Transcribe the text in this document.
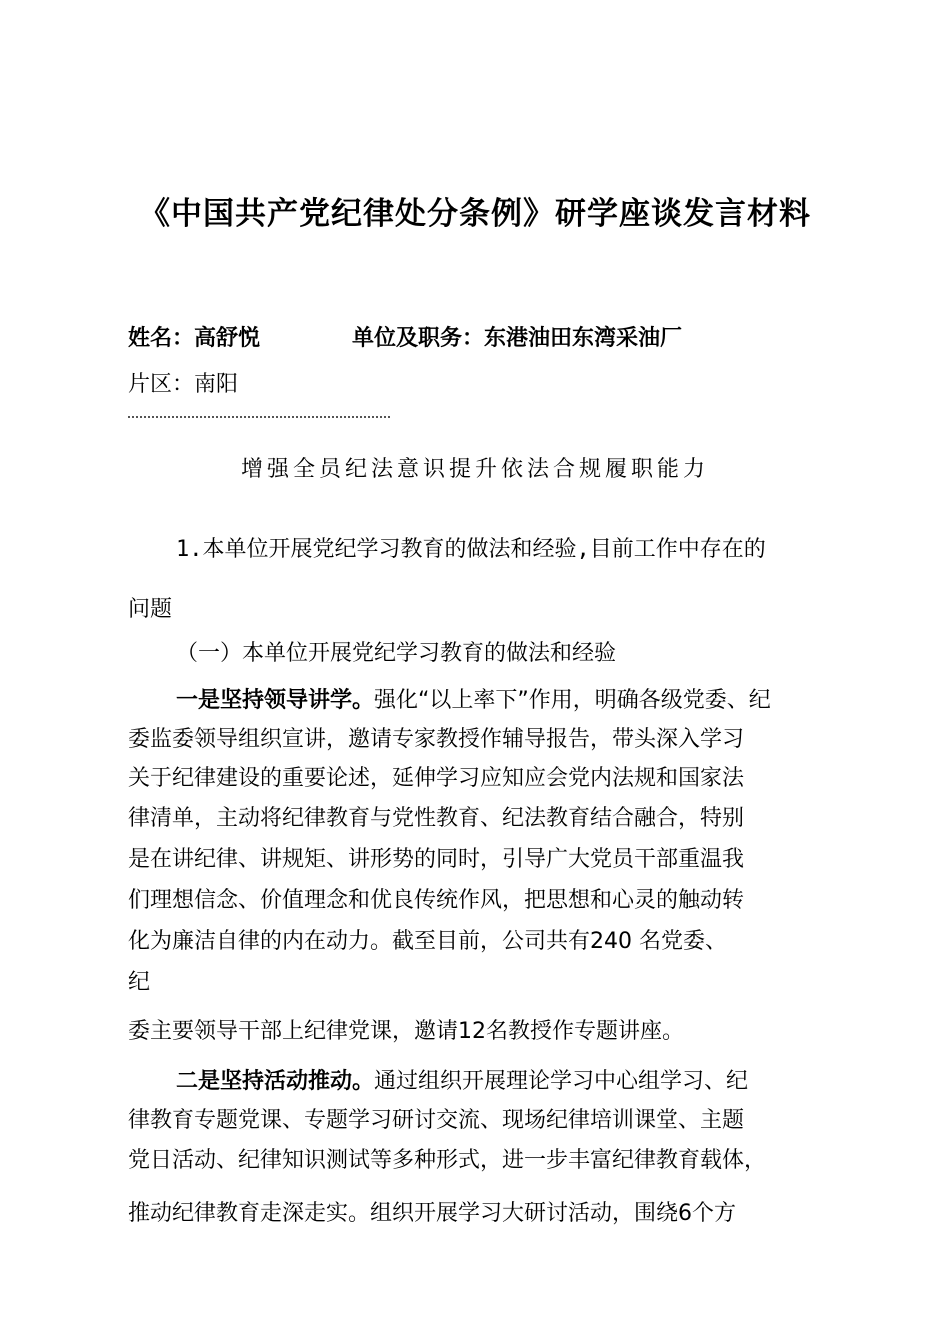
《中国共产党纪律处分条例》研学座谈发言材料
姓名：高舒悦	单位及职务：东港油田东湾采油厂
片区：南阳
增强全员纪法意识提升依法合规履职能力
1.本单位开展党纪学习教育的做法和经验,目前工作中存在的
问题
（一）本单位开展党纪学习教育的做法和经验
一是坚持领导讲学。强化“以上率下”作用，明确各级党委、纪
委监委领导组织宣讲，邀请专家教授作辅导报告，带头深入学习
关于纪律建设的重要论述，延伸学习应知应会党内法规和国家法
律清单，主动将纪律教育与党性教育、纪法教育结合融合，特别
是在讲纪律、讲规矩、讲形势的同时，引导广大党员干部重温我
们理想信念、价值理念和优良传统作风，把思想和心灵的触动转
化为廉洁自律的内在动力。截至目前，公司共有240 名党委、
纪
委主要领导干部上纪律党课，邀请12名教授作专题讲座。
二是坚持活动推动。通过组织开展理论学习中心组学习、纪
律教育专题党课、专题学习研讨交流、现场纪律培训课堂、主题
党日活动、纪律知识测试等多种形式，进一步丰富纪律教育载体，
推动纪律教育走深走实。组织开展学习大研讨活动，围绕6个方
